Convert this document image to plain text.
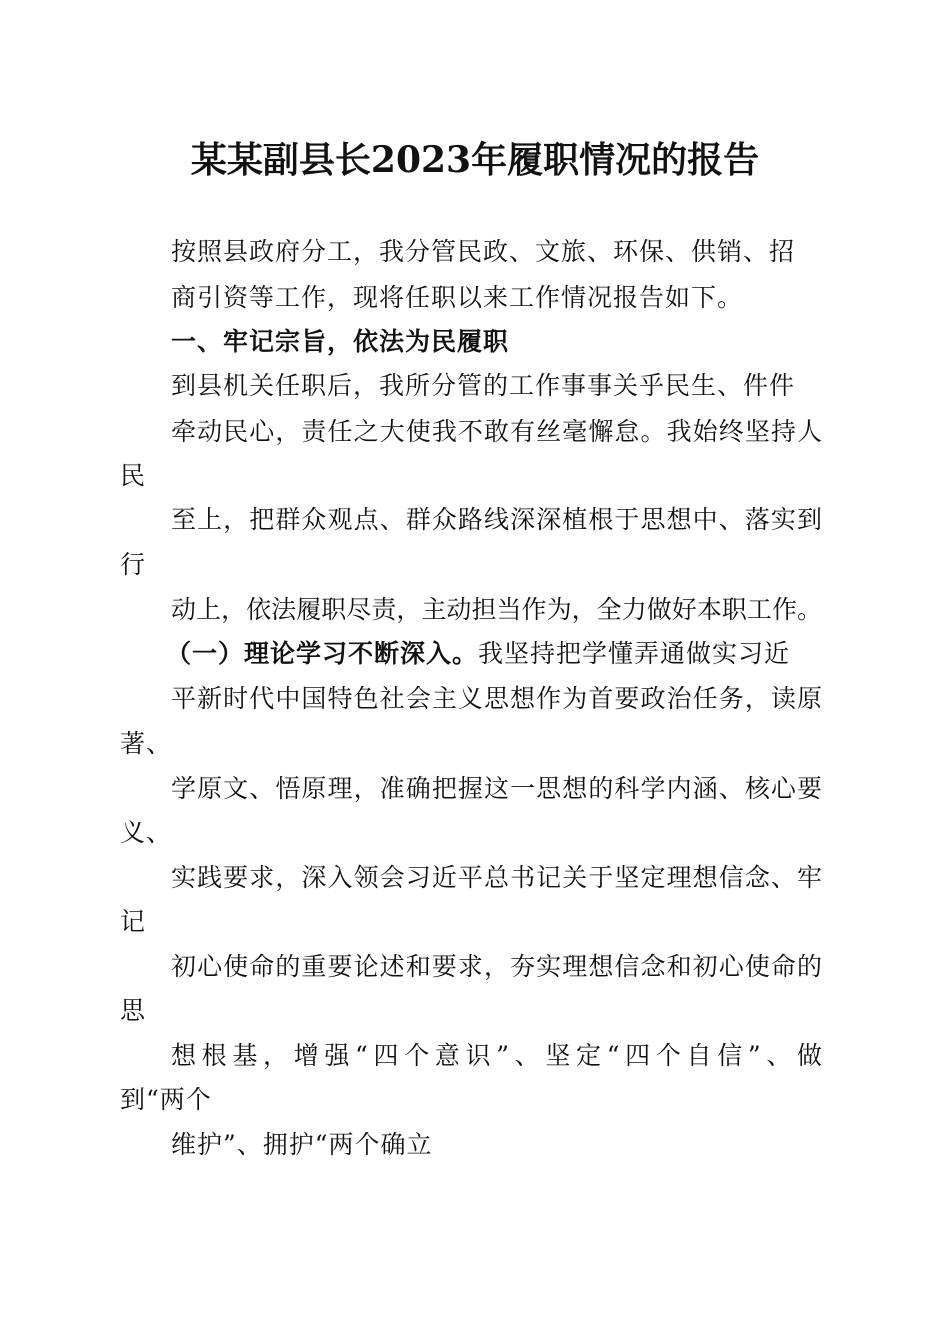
某某副县长2023年履职情况的报告

按照县政府分工，我分管民政、文旅、环保、供销、招

商引资等工作，现将任职以来工作情况报告如下。

一、牢记宗旨，依法为民履职

到县机关任职后，我所分管的工作事事关乎民生、件件

牵动民心，责任之大使我不敢有丝毫懈怠。我始终坚持人

民

至上，把群众观点、群众路线深深植根于思想中、落实到

行

动上，依法履职尽责，主动担当作为，全力做好本职工作。

（一）理论学习不断深入。我坚持把学懂弄通做实习近

平新时代中国特色社会主义思想作为首要政治任务，读原

著、

学原文、悟原理，准确把握这一思想的科学内涵、核心要

义、

实践要求，深入领会习近平总书记关于坚定理想信念、牢

记

初心使命的重要论述和要求，夯实理想信念和初心使命的

思

想根基，增强“四个意识”、坚定“四个自信”、做

到“两个

维护”、拥护“两个确立
